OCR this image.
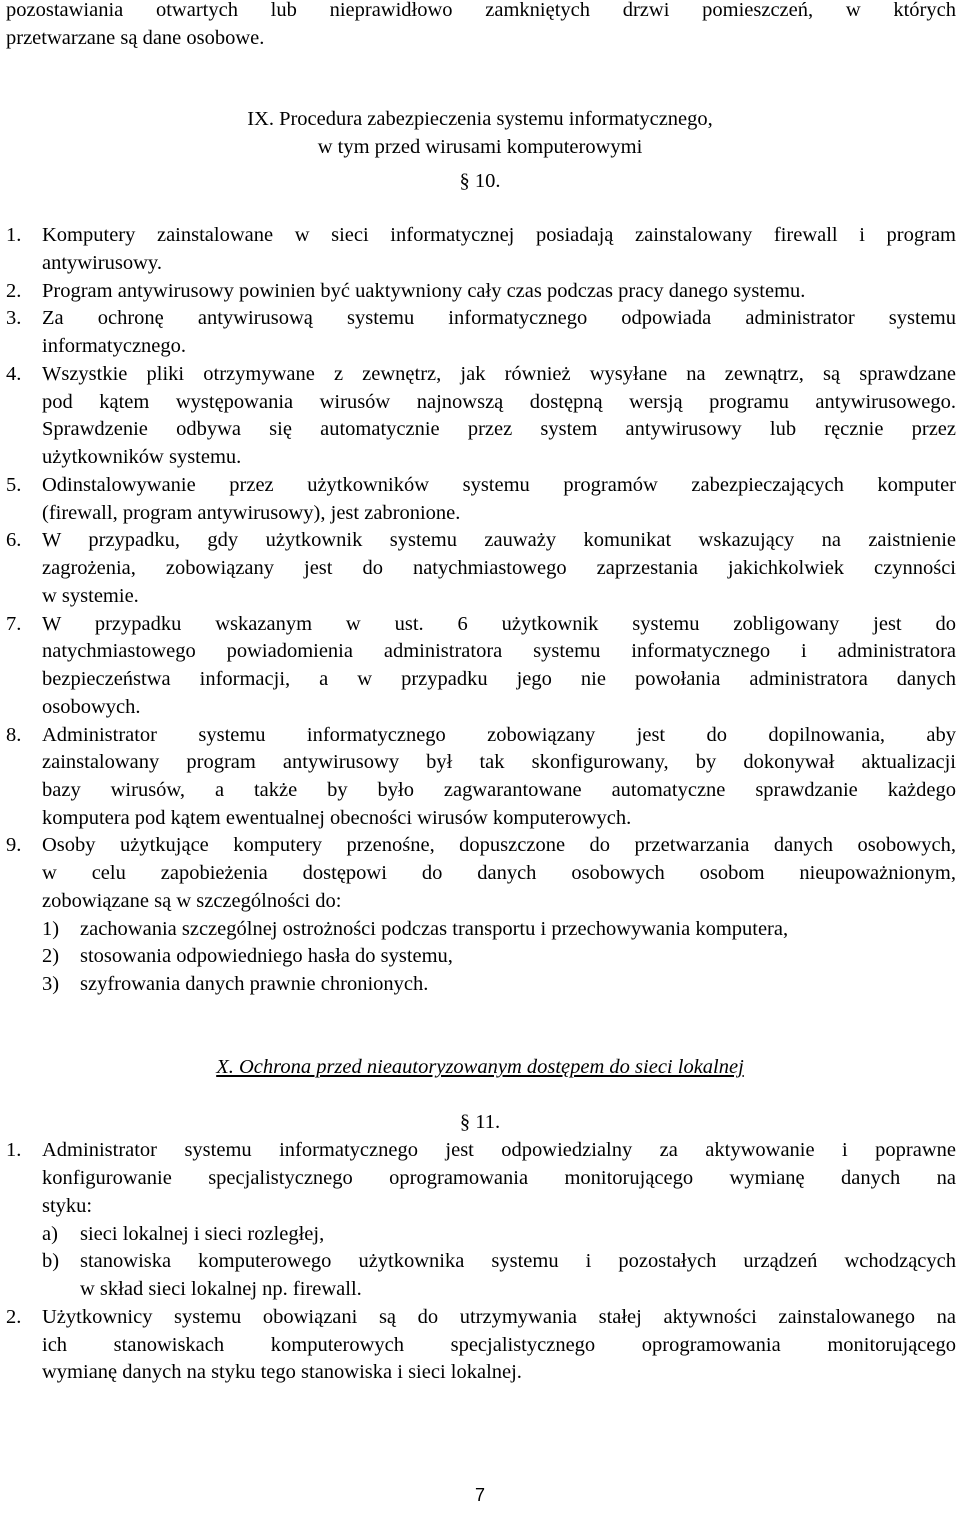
pozostawiania otwartych lub nieprawidłowo zamkniętych drzwi pomieszczeń, w których
przetwarzane są dane osobowe.
IX. Procedura zabezpieczenia systemu informatycznego,
w tym przed wirusami komputerowymi
§ 10.
1. Komputery zainstalowane w sieci informatycznej posiadają zainstalowany firewall i program
antywirusowy.
2. Program antywirusowy powinien być uaktywniony cały czas podczas pracy danego systemu.
3. Za ochronę antywirusową systemu informatycznego odpowiada administrator systemu
informatycznego.
4. Wszystkie pliki otrzymywane z zewnętrz, jak również wysyłane na zewnątrz, są sprawdzane
pod kątem występowania wirusów najnowszą dostępną wersją programu antywirusowego.
Sprawdzenie odbywa się automatycznie przez system antywirusowy lub ręcznie przez
użytkowników systemu.
5. Odinstalowywanie przez użytkowników systemu programów zabezpieczających komputer
(firewall, program antywirusowy), jest zabronione.
6. W przypadku, gdy użytkownik systemu zauważy komunikat wskazujący na zaistnienie
zagrożenia, zobowiązany jest do natychmiastowego zaprzestania jakichkolwiek czynności
w systemie.
7. W przypadku wskazanym w ust. 6 użytkownik systemu zobligowany jest do
natychmiastowego powiadomienia administratora systemu informatycznego i administratora
bezpieczeństwa informacji, a w przypadku jego nie powołania administratora danych
osobowych.
8. Administrator systemu informatycznego zobowiązany jest do dopilnowania, aby
zainstalowany program antywirusowy był tak skonfigurowany, by dokonywał aktualizacji
bazy wirusów, a także by było zagwarantowane automatyczne sprawdzanie każdego
komputera pod kątem ewentualnej obecności wirusów komputerowych.
9. Osoby użytkujące komputery przenośne, dopuszczone do przetwarzania danych osobowych,
w celu zapobieżenia dostępowi do danych osobowych osobom nieupoważnionym,
zobowiązane są w szczególności do:
1) zachowania szczególnej ostrożności podczas transportu i przechowywania komputera,
2) stosowania odpowiedniego hasła do systemu,
3) szyfrowania danych prawnie chronionych.
X. Ochrona przed nieautoryzowanym dostępem do sieci lokalnej
§ 11.
1. Administrator systemu informatycznego jest odpowiedzialny za aktywowanie i poprawne
konfigurowanie specjalistycznego oprogramowania monitorującego wymianę danych na
styku:
a) sieci lokalnej i sieci rozległej,
b) stanowiska komputerowego użytkownika systemu i pozostałych urządzeń wchodzących
w skład sieci lokalnej np. firewall.
2. Użytkownicy systemu obowiązani są do utrzymywania stałej aktywności zainstalowanego na
ich stanowiskach komputerowych specjalistycznego oprogramowania monitorującego
wymianę danych na styku tego stanowiska i sieci lokalnej.
7
